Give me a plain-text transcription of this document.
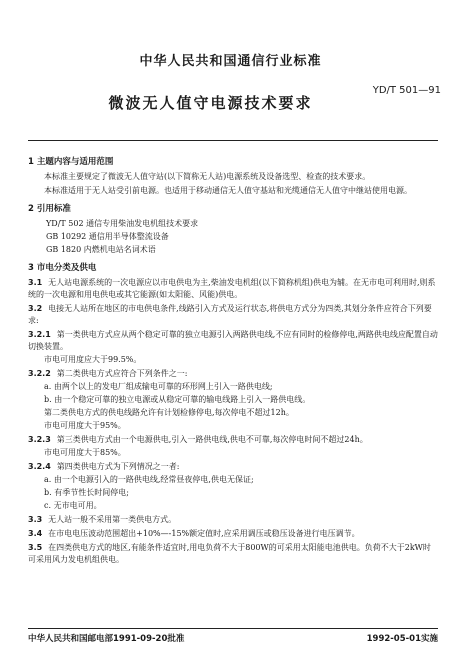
中华人民共和国通信行业标准
YD/T 501—91
微波无人值守电源技术要求
1 主题内容与适用范围
本标准主要规定了微波无人值守站(以下简称无人站)电源系统及设备选型、检查的技术要求。
本标准适用于无人站受引前电源。也适用于移动通信无人值守基站和光缆通信无人值守中继站使用电源。
2 引用标准
YD/T 502 通信专用柴油发电机组技术要求
GB 10292 通信用半导体整流设备
GB 1820 内燃机电站名词术语
3 市电分类及供电
3.1 无人站电源系统的一次电源应以市电供电为主,柴油发电机组(以下简称机组)供电为辅。在无市电可利用时,则系统的一次电源和用电供电或其它能源(如太阳能、风能)供电。
3.2 电接无人站所在地区的市电供电条件,线路引入方式及运行状态,将供电方式分为四类,其划分条件应符合下列要求:
3.2.1 第一类供电方式应从两个稳定可靠的独立电源引入两路供电线,不应有同时的检修停电,两路供电线应配置自动切换装置。
市电可用度应大于99.5%。
3.2.2 第二类供电方式应符合下列条件之一:
a. 由两个以上的发电厂组成输电可靠的环形网上引入一路供电线;
b. 由一个稳定可靠的独立电源或从稳定可靠的输电线路上引入一路供电线。
第二类供电方式的供电线路允许有计划检修停电,每次停电不超过12h。
市电可用度大于95%。
3.2.3 第三类供电方式由一个电源供电,引入一路供电线,供电不可靠,每次停电时间不超过24h。
市电可用度大于85%。
3.2.4 第四类供电方式为下列情况之一者:
a. 由一个电源引入的一路供电线,经常昼夜停电,供电无保证;
b. 有季节性长时间停电;
c. 无市电可用。
3.3 无人站一般不采用第一类供电方式。
3.4 在市电电压波动范围超出+10%—-15%额定值时,应采用调压或稳压设备进行电压调节。
3.5 在四类供电方式的地区,有能条件适宜时,用电负荷不大于800W的可采用太阳能电池供电。负荷不大于2kW时可采用风力发电机组供电。
中华人民共和国邮电部1991-09-20批准	1992-05-01实施
